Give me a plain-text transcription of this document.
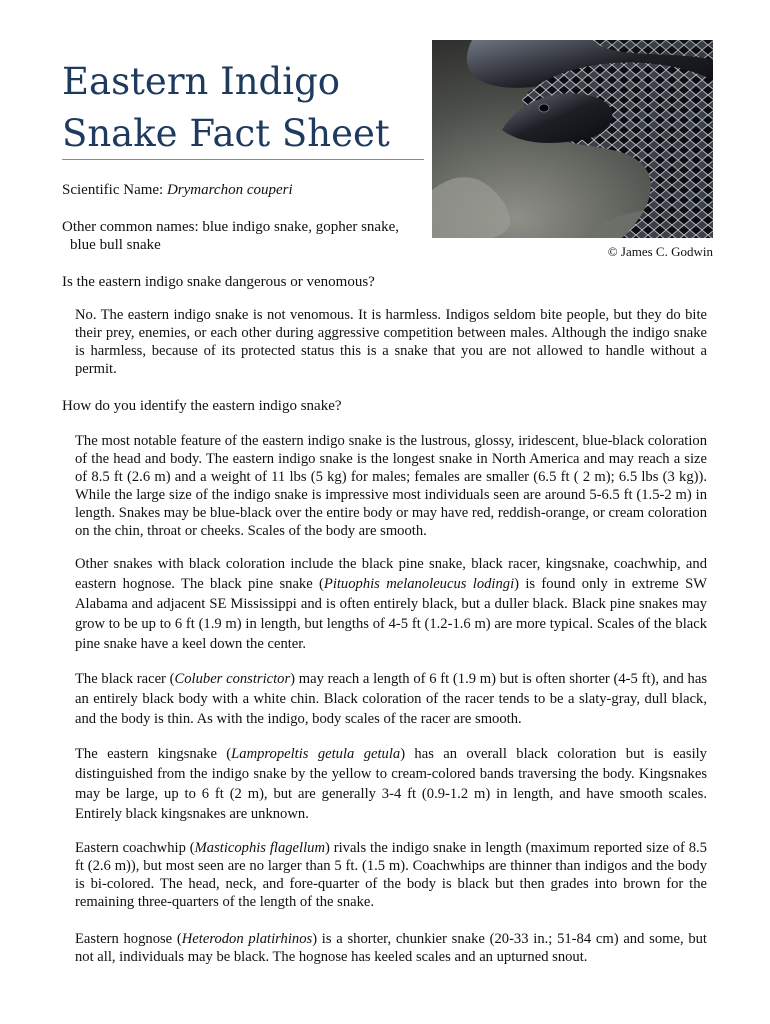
Eastern Indigo
Snake Fact Sheet
© James C. Godwin

Scientific Name: Drymarchon couperi

Other common names: blue indigo snake, gopher snake,

blue bull snake

Is the eastern indigo snake dangerous or venomous?

No. The eastern indigo snake is not venomous. It is harmless. Indigos seldom bite people, but they do bite their prey, enemies, or each other during aggressive competition between males. Although the indigo snake is harmless, because of its protected status this is a snake that you are not allowed to handle without a permit.

How do you identify the eastern indigo snake?

The most notable feature of the eastern indigo snake is the lustrous, glossy, iridescent, blue-black coloration of the head and body. The eastern indigo snake is the longest snake in North America and may reach a size of 8.5 ft (2.6 m) and a weight of 11 lbs (5 kg) for males; females are smaller (6.5 ft ( 2 m); 6.5 lbs (3 kg)). While the large size of the indigo snake is impressive most individuals seen are around 5-6.5 ft (1.5-2 m) in length. Snakes may be blue-black over the entire body or may have red, reddish-orange, or cream coloration on the chin, throat or cheeks. Scales of the body are smooth.

Other snakes with black coloration include the black pine snake, black racer, kingsnake, coachwhip, and eastern hognose. The black pine snake (Pituophis melanoleucus lodingi) is found only in extreme SW Alabama and adjacent SE Mississippi and is often entirely black, but a duller black. Black pine snakes may grow to be up to 6 ft (1.9 m) in length, but lengths of 4-5 ft (1.2-1.6 m) are more typical. Scales of the black pine snake have a keel down the center.

The black racer (Coluber constrictor) may reach a length of 6 ft (1.9 m) but is often shorter (4-5 ft), and has an entirely black body with a white chin. Black coloration of the racer tends to be a slaty-gray, dull black, and the body is thin. As with the indigo, body scales of the racer are smooth.

The eastern kingsnake (Lampropeltis getula getula) has an overall black coloration but is easily distinguished from the indigo snake by the yellow to cream-colored bands traversing the body. Kingsnakes may be large, up to 6 ft (2 m), but are generally 3-4 ft (0.9-1.2 m) in length, and have smooth scales. Entirely black kingsnakes are unknown.

Eastern coachwhip (Masticophis flagellum) rivals the indigo snake in length (maximum reported size of 8.5 ft (2.6 m)), but most seen are no larger than 5 ft. (1.5 m). Coachwhips are thinner than indigos and the body is bi-colored. The head, neck, and fore-quarter of the body is black but then grades into brown for the remaining three-quarters of the length of the snake.

Eastern hognose (Heterodon platirhinos) is a shorter, chunkier snake (20-33 in.; 51-84 cm) and some, but not all, individuals may be black. The hognose has keeled scales and an upturned snout.
